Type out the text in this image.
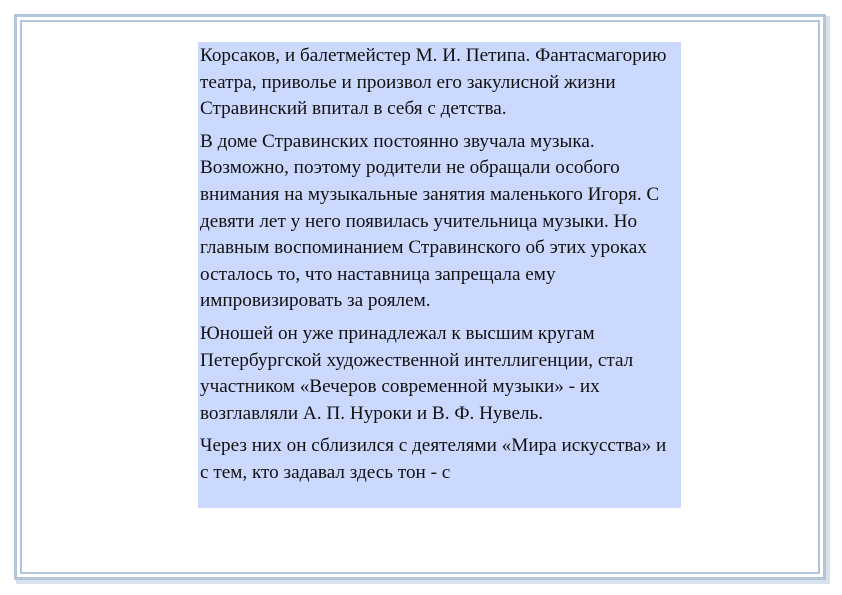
Корсаков, и балетмейстер М. И. Петипа. Фантасмагорию театра, приволье и произвол его закулисной жизни Стравинский впитал в себя с детства.

В доме Стравинских постоянно звучала музыка. Возможно, поэтому родители не обращали особого внимания на музыкальные занятия маленького Игоря. С девяти лет у него появилась учительница музыки. Но главным воспоминанием Стравинского об этих уроках осталось то, что наставница запрещала ему импровизировать за роялем.

Юношей он уже принадлежал к высшим кругам Петербургской художественной интеллигенции, стал участником «Вечеров современной музыки» - их возглавляли А. П. Нуроки и В. Ф. Нувель.

Через них он сблизился с деятелями «Мира искусства» и с тем, кто задавал здесь тон - с
